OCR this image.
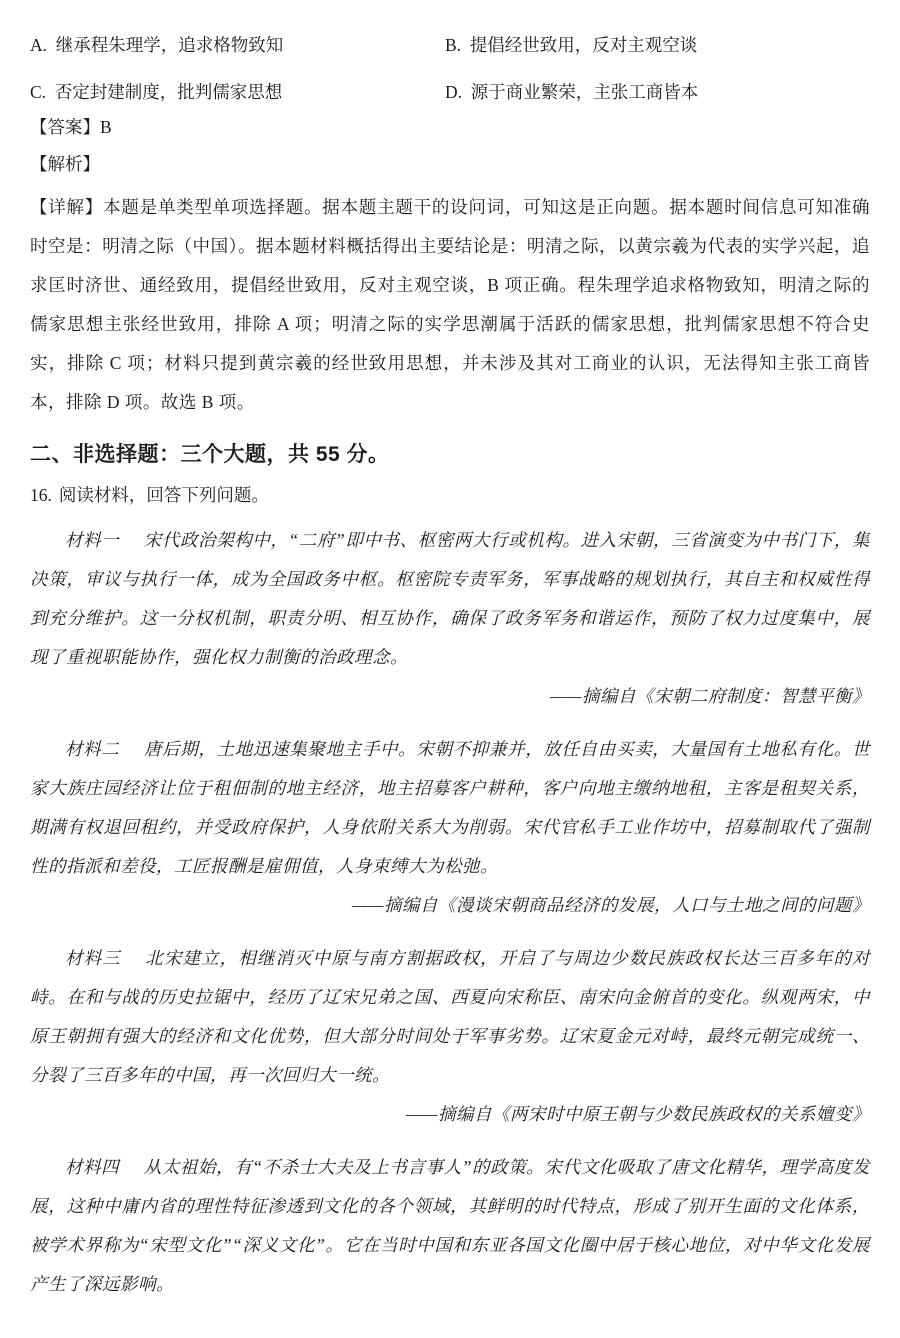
A. 继承程朱理学，追求格物致知	B. 提倡经世致用，反对主观空谈
C. 否定封建制度，批判儒家思想	D. 源于商业繁荣，主张工商皆本
【答案】B
【解析】

【详解】本题是单类型单项选择题。据本题主题干的设问词，可知这是正向题。据本题时间信息可知准确时空是：明清之际（中国）。据本题材料概括得出主要结论是：明清之际，以黄宗羲为代表的实学兴起，追求匡时济世、通经致用，提倡经世致用，反对主观空谈，B 项正确。程朱理学追求格物致知，明清之际的儒家思想主张经世致用，排除 A 项；明清之际的实学思潮属于活跃的儒家思想，批判儒家思想不符合史实，排除 C 项；材料只提到黄宗羲的经世致用思想，并未涉及其对工商业的认识，无法得知主张工商皆本，排除 D 项。故选 B 项。

二、非选择题：三个大题，共 55 分。
16. 阅读材料，回答下列问题。

材料一 宋代政治架构中，“二府”即中书、枢密两大行或机构。进入宋朝，三省演变为中书门下，集决策，审议与执行一体，成为全国政务中枢。枢密院专责军务，军事战略的规划执行，其自主和权威性得到充分维护。这一分权机制，职责分明、相互协作，确保了政务军务和谐运作，预防了权力过度集中，展现了重视职能协作，强化权力制衡的治政理念。

——摘编自《宋朝二府制度：智慧平衡》

材料二 唐后期，土地迅速集聚地主手中。宋朝不抑兼并，放任自由买卖，大量国有土地私有化。世家大族庄园经济让位于租佃制的地主经济，地主招募客户耕种，客户向地主缴纳地租，主客是租契关系，期满有权退回租约，并受政府保护，人身依附关系大为削弱。宋代官私手工业作坊中，招募制取代了强制性的指派和差役，工匠报酬是雇佣值，人身束缚大为松弛。

——摘编自《漫谈宋朝商品经济的发展，人口与土地之间的问题》

材料三 北宋建立，相继消灭中原与南方割据政权，开启了与周边少数民族政权长达三百多年的对峙。在和与战的历史拉锯中，经历了辽宋兄弟之国、西夏向宋称臣、南宋向金俯首的变化。纵观两宋，中原王朝拥有强大的经济和文化优势，但大部分时间处于军事劣势。辽宋夏金元对峙，最终元朝完成统一、分裂了三百多年的中国，再一次回归大一统。

——摘编自《两宋时中原王朝与少数民族政权的关系嬗变》

材料四 从太祖始，有“不杀士大夫及上书言事人”的政策。宋代文化吸取了唐文化精华，理学高度发展，这种中庸内省的理性特征渗透到文化的各个领域，其鲜明的时代特点，形成了别开生面的文化体系，被学术界称为“宋型文化”“深义文化”。它在当时中国和东亚各国文化圈中居于核心地位，对中华文化发展产生了深远影响。
